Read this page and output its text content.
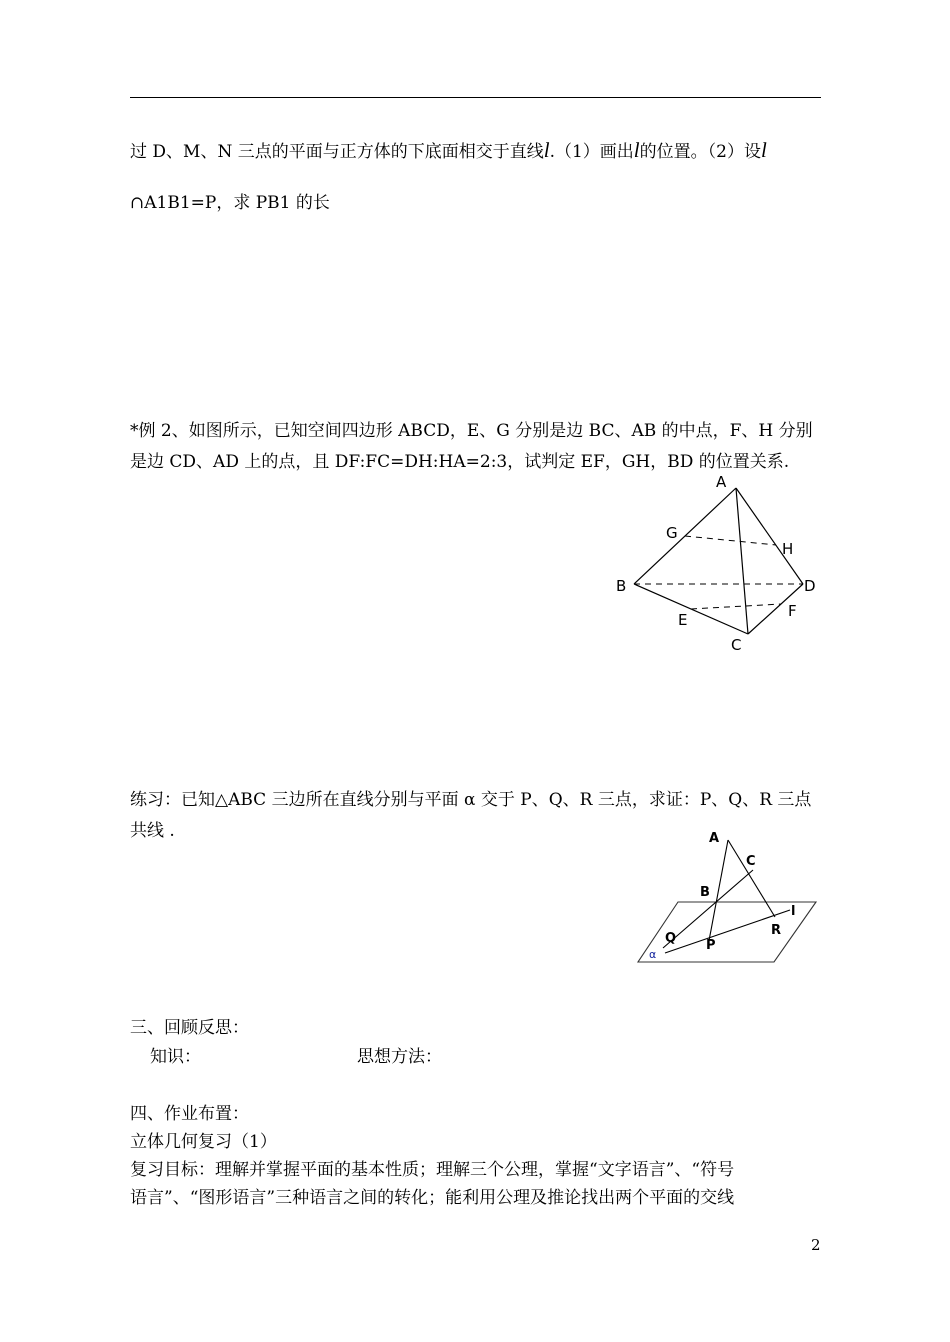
过 D、M、N 三点的平面与正方体的下底面相交于直线l.（1）画出l的位置。（2）设l
∩A1B1=P，求 PB1 的长
*例 2、如图所示，已知空间四边形 ABCD，E、G 分别是边 BC、AB 的中点，F、H 分别
是边 CD、AD 上的点，且 DF:FC=DH:HA=2:3，试判定 EF，GH，BD 的位置关系.
A
B
C
D
E	F
G
H
练习：已知△ABC 三边所在直线分别与平面 α 交于 P、Q、R 三点，求证：P、Q、R 三点
共线 .	A
C
B
Q P
R
l
α
三、回顾反思：
知识：	思想方法：
四、作业布置：
立体几何复习（1）
复习目标：理解并掌握平面的基本性质；理解三个公理，掌握“文字语言”、“符号
语言”、“图形语言”三种语言之间的转化；能利用公理及推论找出两个平面的交线
2
